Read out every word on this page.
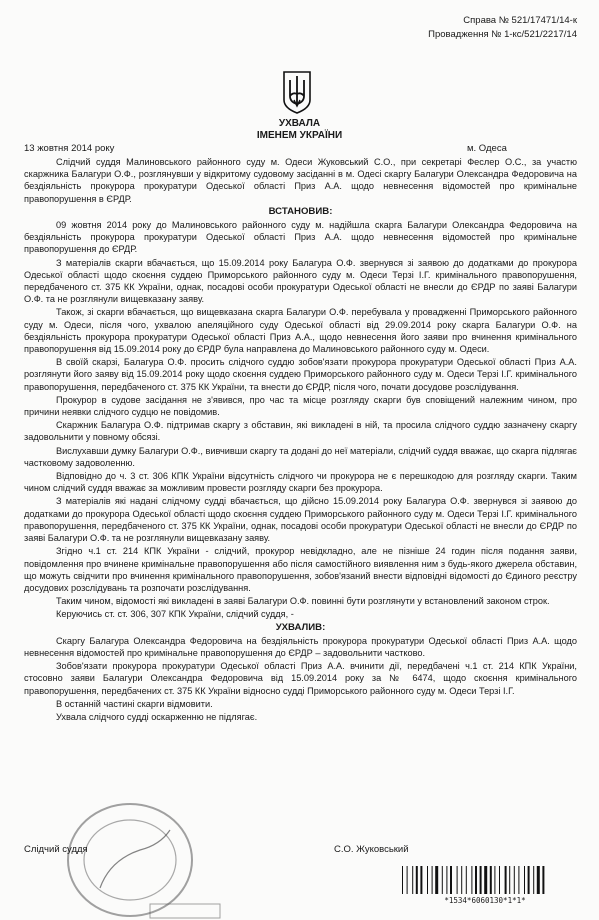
Справа № 521/17471/14-к
Провадження № 1-кс/521/2217/14
УХВАЛА
ІМЕНЕМ УКРАЇНИ
13 жовтня 2014 року	м. Одеса

Слідчий суддя Малиновського районного суду м. Одеси Жуковський С.О., при секретарі Феслер О.С., за участю скаржника Балагури О.Ф., розглянувши у відкритому судовому засіданні в м. Одесі скаргу Балагури Олександра Федоровича на бездіяльність прокурора прокуратури Одеської області Приз А.А. щодо невнесення відомостей про кримінальне правопорушення в ЄРДР.

ВСТАНОВИВ:

09 жовтня 2014 року до Малиновського районного суду м. надійшла скарга Балагури Олександра Федоровича на бездіяльність прокурора прокуратури Одеської області Приз А.А. щодо невнесення відомостей про кримінальне правопорушення до ЄРДР.

З матеріалів скарги вбачається, що 15.09.2014 року Балагура О.Ф. звернувся зі заявою до додатками до прокурора Одеської області щодо скоєння суддею Приморського районного суду м. Одеси Терзі І.Г. кримінального правопорушення, передбаченого ст. 375 КК України, однак, посадові особи прокуратури Одеської області не внесли до ЄРДР по заяві Балагури О.Ф. та не розглянули вищевказану заяву.

Також, зі скарги вбачається, що вищевказана скарга Балагури О.Ф. перебувала у провадженні Приморського районного суду м. Одеси, після чого, ухвалою апеляційного суду Одеської області від 29.09.2014 року скарга Балагури О.Ф. на бездіяльність прокурора прокуратури Одеської області Приз А.А., щодо невнесення його заяви про вчинення кримінального правопорушення від 15.09.2014 року до ЄРДР була направлена до Малиновського районного суду м. Одеси.

В своїй скарзі, Балагура О.Ф. просить слідчого суддю зобов'язати прокурора прокуратури Одеської області Приз А.А. розглянути його заяву від 15.09.2014 року щодо скоєння суддею Приморського районного суду м. Одеси Терзі І.Г. кримінального правопорушення, передбаченого ст. 375 КК України, та внести до ЄРДР, після чого, почати досудове розслідування.

Прокурор в судове засідання не з'явився, про час та місце розгляду скарги був сповіщений належним чином, про причини неявки слідчого судцю не повідомив.

Скаржник Балагура О.Ф. підтримав скаргу з обставин, які викладені в ній, та просила слідчого суддю зазначену скаргу задовольнити у повному обсязі.

Вислухавши думку Балагури О.Ф., вивчивши скаргу та додані до неї матеріали, слідчий суддя вважає, що скарга підлягає частковому задоволенню.

Відповідно до ч. 3 ст. 306 КПК України відсутність слідчого чи прокурора не є перешкодою для розгляду скарги. Таким чином слідчий суддя вважає за можливим провести розгляду скарги без прокурора.

З матеріалів які надані слідчому судді вбачається, що дійсно 15.09.2014 року Балагура О.Ф. звернувся зі заявою до додатками до прокурора Одеської області щодо скоєння суддею Приморського районного суду м. Одеси Терзі І.Г. кримінального правопорушення, передбаченого ст. 375 КК України, однак, посадові особи прокуратури Одеської області не внесли до ЄРДР по заяві Балагури О.Ф. та не розглянули вищевказану заяву.

Згідно ч.1 ст. 214 КПК України - слідчий, прокурор невідкладно, але не пізніше 24 годин після подання заяви, повідомлення про вчинене кримінальне правопорушення або після самостійного виявлення ним з будь-якого джерела обставин, що можуть свідчити про вчинення кримінального правопорушення, зобов'язаний внести відповідні відомості до Єдиного реєстру досудових розслідувань та розпочати розслідування.

Таким чином, відомості які викладені в заяві Балагури О.Ф. повинні бути розглянути у встановлений законом строк.

Керуючись ст. ст. 306, 307 КПК України, слідчий суддя, -

УХВАЛИВ:

Скаргу Балагура Олександра Федоровича на бездіяльність прокурора прокуратури Одеської області Приз А.А. щодо невнесення відомостей про кримінальне правопорушення до ЄРДР – задовольнити частково.

Зобов'язати прокурора прокуратури Одеської області Приз А.А. вчинити дії, передбачені ч.1 ст. 214 КПК України, стосовно заяви Балагури Олександра Федоровича від 15.09.2014 року за № 6474, щодо скоєння кримінального правопорушення, передбачених ст. 375 КК України відносно судді Приморського районного суду м. Одеси Терзі І.Г.

В останній частині скарги відмовити.

Ухвала слідчого судді оскарженню не підлягає.

Слідчий суддя	С.О. Жуковський
*1534*6060130*1*1*
